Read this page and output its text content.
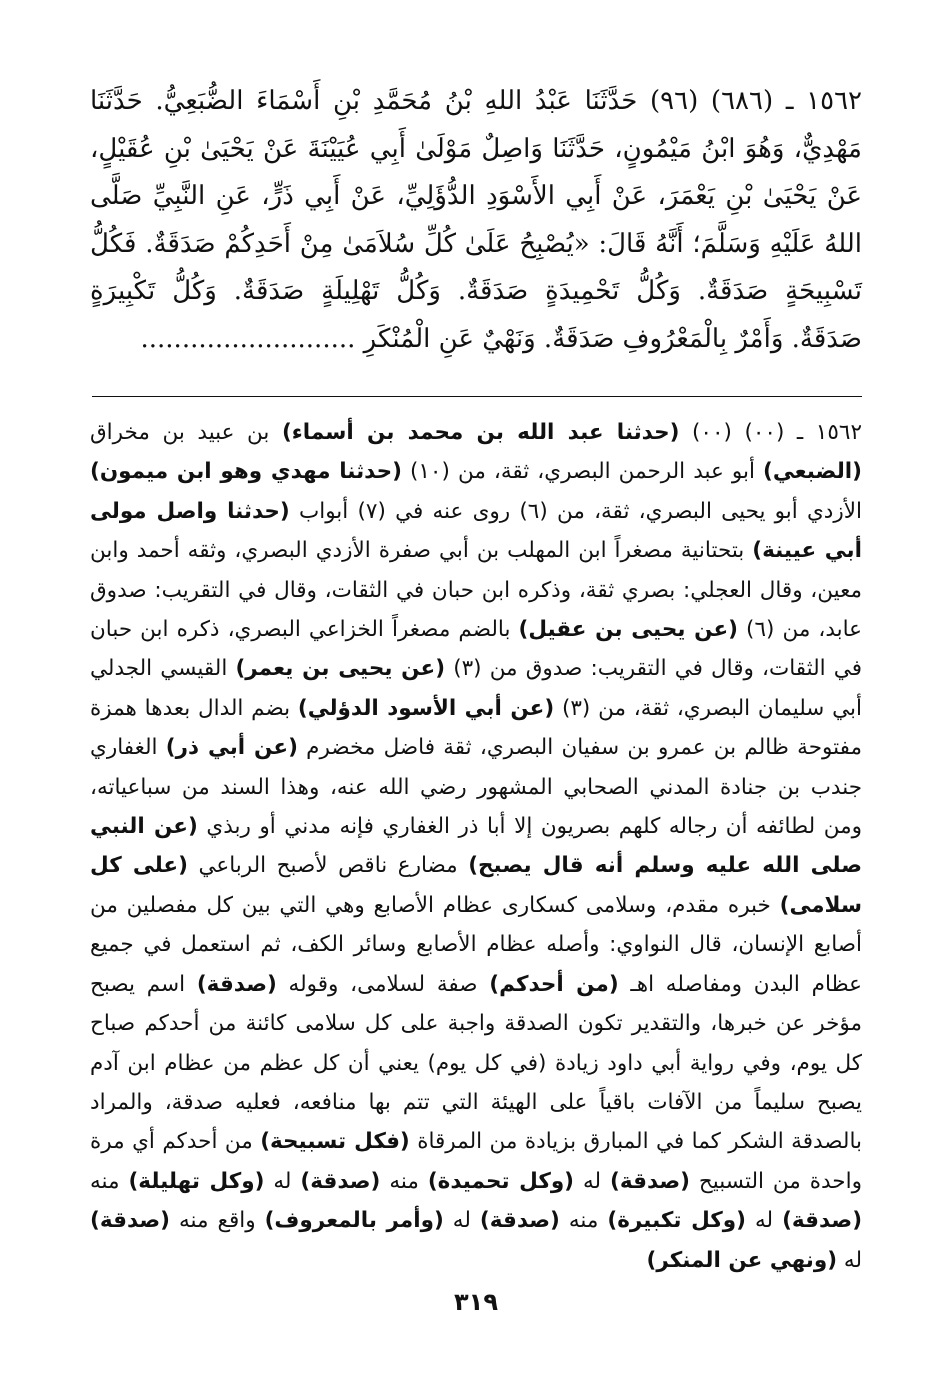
١٥٦٢ ـ (٦٨٦) (٩٦) حَدَّثَنَا عَبْدُ اللهِ بْنُ مُحَمَّدِ بْنِ أَسْمَاءَ الضُّبَعِيُّ. حَدَّثَنَا مَهْدِيٌّ، وَهُوَ ابْنُ مَيْمُونٍ، حَدَّثَنَا وَاصِلٌ مَوْلَىٰ أَبِي عُيَيْنَةَ عَنْ يَحْيَىٰ بْنِ عُقَيْلٍ، عَنْ يَحْيَىٰ بْنِ يَعْمَرَ، عَنْ أَبِي الأَسْوَدِ الدُّؤَلِيِّ، عَنْ أَبِي ذَرٍّ، عَنِ النَّبِيِّ صَلَّى اللهُ عَلَيْهِ وَسَلَّمَ؛ أَنَّهُ قَالَ: «يُصْبِحُ عَلَىٰ كُلِّ سُلاَمَىٰ مِنْ أَحَدِكُمْ صَدَقَةٌ. فَكُلُّ تَسْبِيحَةٍ صَدَقَةٌ. وَكُلُّ تَحْمِيدَةٍ صَدَقَةٌ. وَكُلُّ تَهْلِيلَةٍ صَدَقَةٌ. وَكُلُّ تَكْبِيرَةٍ صَدَقَةٌ. وَأَمْرٌ بِالْمَعْرُوفِ صَدَقَةٌ. وَنَهْيٌ عَنِ الْمُنْكَرِ ..........................

١٥٦٢ ـ (٠٠) (٠٠) (حدثنا عبد الله بن محمد بن أسماء) بن عبيد بن مخراق (الضبعي) أبو عبد الرحمن البصري، ثقة، من (١٠) (حدثنا مهدي وهو ابن ميمون) الأزدي أبو يحيى البصري، ثقة، من (٦) روى عنه في (٧) أبواب (حدثنا واصل مولى أبي عيينة) بتحتانية مصغراً ابن المهلب بن أبي صفرة الأزدي البصري، وثقه أحمد وابن معين، وقال العجلي: بصري ثقة، وذكره ابن حبان في الثقات، وقال في التقريب: صدوق عابد، من (٦) (عن يحيى بن عقيل) بالضم مصغراً الخزاعي البصري، ذكره ابن حبان في الثقات، وقال في التقريب: صدوق من (٣) (عن يحيى بن يعمر) القيسي الجدلي أبي سليمان البصري، ثقة، من (٣) (عن أبي الأسود الدؤلي) بضم الدال بعدها همزة مفتوحة ظالم بن عمرو بن سفيان البصري، ثقة فاضل مخضرم (عن أبي ذر) الغفاري جندب بن جنادة المدني الصحابي المشهور رضي الله عنه، وهذا السند من سباعياته، ومن لطائفه أن رجاله كلهم بصريون إلا أبا ذر الغفاري فإنه مدني أو ربذي (عن النبي صلى الله عليه وسلم أنه قال يصبح) مضارع ناقص لأصبح الرباعي (على كل سلامى) خبره مقدم، وسلامى كسكارى عظام الأصابع وهي التي بين كل مفصلين من أصابع الإنسان، قال النواوي: وأصله عظام الأصابع وسائر الكف، ثم استعمل في جميع عظام البدن ومفاصله اهـ (من أحدكم) صفة لسلامى، وقوله (صدقة) اسم يصبح مؤخر عن خبرها، والتقدير تكون الصدقة واجبة على كل سلامى كائنة من أحدكم صباح كل يوم، وفي رواية أبي داود زيادة (في كل يوم) يعني أن كل عظم من عظام ابن آدم يصبح سليماً من الآفات باقياً على الهيئة التي تتم بها منافعه، فعليه صدقة، والمراد بالصدقة الشكر كما في المبارق بزيادة من المرقاة (فكل تسبيحة) من أحدكم أي مرة واحدة من التسبيح (صدقة) له (وكل تحميدة) منه (صدقة) له (وكل تهليلة) منه (صدقة) له (وكل تكبيرة) منه (صدقة) له (وأمر بالمعروف) واقع منه (صدقة) له (ونهي عن المنكر)

٣١٩
